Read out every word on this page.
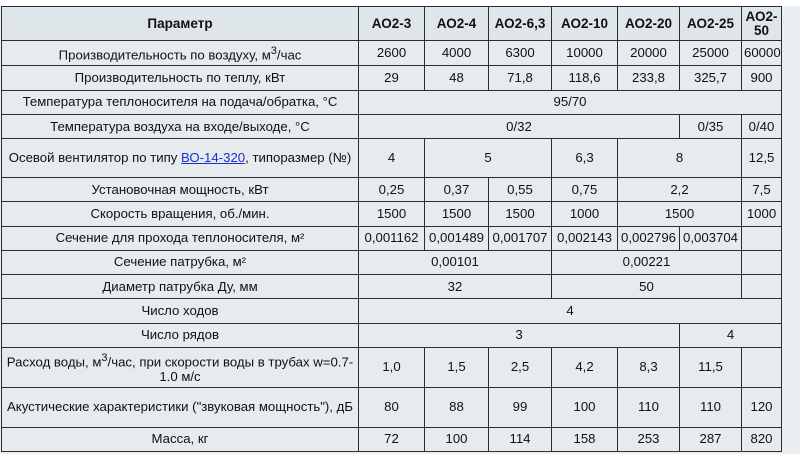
Параметр	АО2-3	АО2-4	АО2-6,3	АО2-10	АО2-20	АО2-25	АО2-50
Производительность по воздуху, $м^3$/час	2600	4000	6300	10000	20000	25000	60000
Производительность по теплу, кВт	29	48	71,8	118,6	233,8	325,7	900
Температура теплоносителя на подача/обратка, °С	95/70						
Температура воздуха на входе/выходе, °С	0/32					0/35	0/40
Осевой вентилятор по типу ВО-14-320, типоразмер (№)	4	5		6,3	8		12,5
Установочная мощность, кВт	0,25	0,37	0,55	0,75	2,2		7,5
Скорость вращения, об./мин.	1500	1500	1500	1000	1500		1000
Сечение для прохода теплоносителя, м²	0,001162	0,001489	0,001707	0,002143	0,002796	0,003704	
Сечение патрубка, м²	0,00101			0,00221			
Диаметр патрубка Ду, мм	32			50			
Число ходов	4						
Число рядов	3					4	
Расход воды, $м^3$/час, при скорости воды в трубах w=0.7-1.0 м/с	1,0	1,5	2,5	4,2	8,3	11,5	
Акустические характеристики ("звуковая мощность"), дБ	80	88	99	100	110	110	120
Масса, кг	72	100	114	158	253	287	820
